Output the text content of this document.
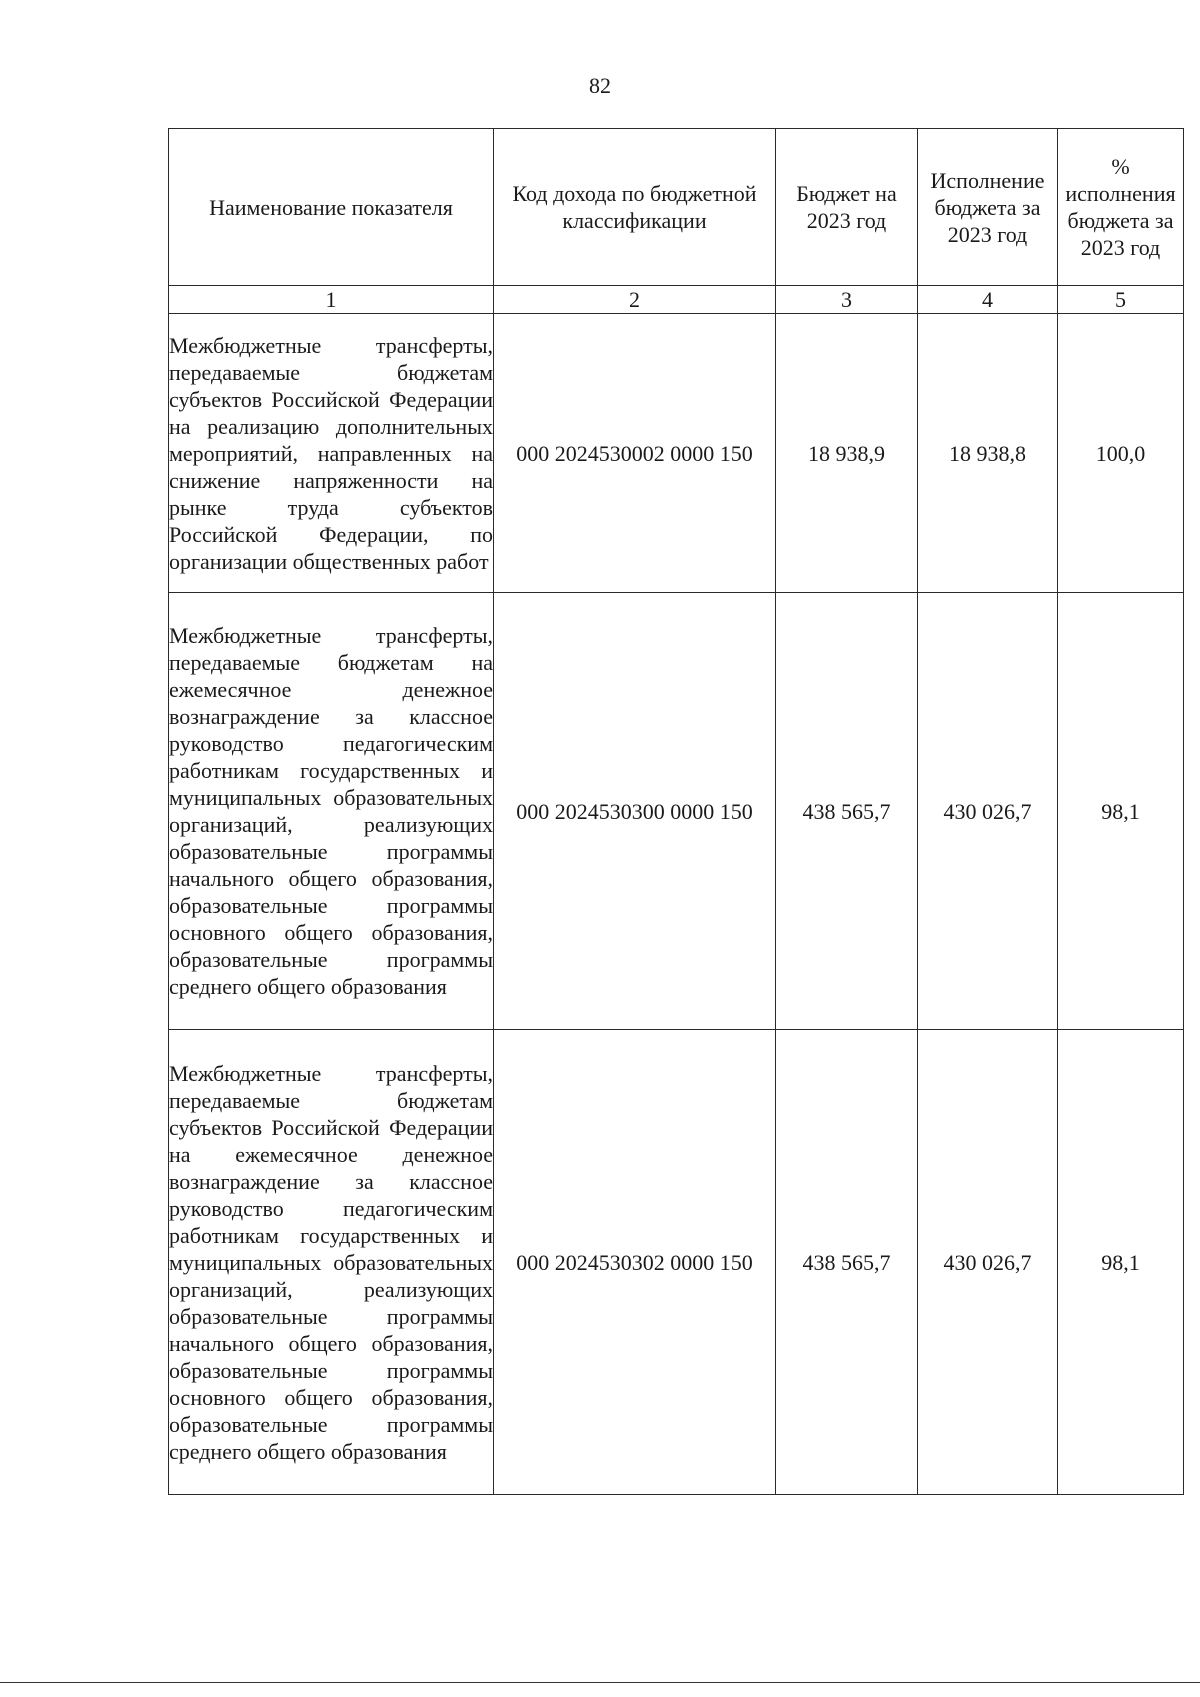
82
Наименование показателя	Код дохода по бюджетной классификации	Бюджет на 2023 год	Исполнение бюджета за 2023 год	% исполнения бюджета за 2023 год
1	2	3	4	5
Межбюджетные трансферты, передаваемые бюджетам субъектов Российской Федерации на реализацию дополнительных мероприятий, направленных на снижение напряженности на рынке труда субъектов Российской Федерации, по организации общественных работ	000 2024530002 0000 150	18 938,9	18 938,8	100,0
Межбюджетные трансферты, передаваемые бюджетам на ежемесячное денежное вознаграждение за классное руководство педагогическим работникам государственных и муниципальных образовательных организаций, реализующих образовательные программы начального общего образования, образовательные программы основного общего образования, образовательные программы среднего общего образования	000 2024530300 0000 150	438 565,7	430 026,7	98,1
Межбюджетные трансферты, передаваемые бюджетам субъектов Российской Федерации на ежемесячное денежное вознаграждение за классное руководство педагогическим работникам государственных и муниципальных образовательных организаций, реализующих образовательные программы начального общего образования, образовательные программы основного общего образования, образовательные программы среднего общего образования	000 2024530302 0000 150	438 565,7	430 026,7	98,1
